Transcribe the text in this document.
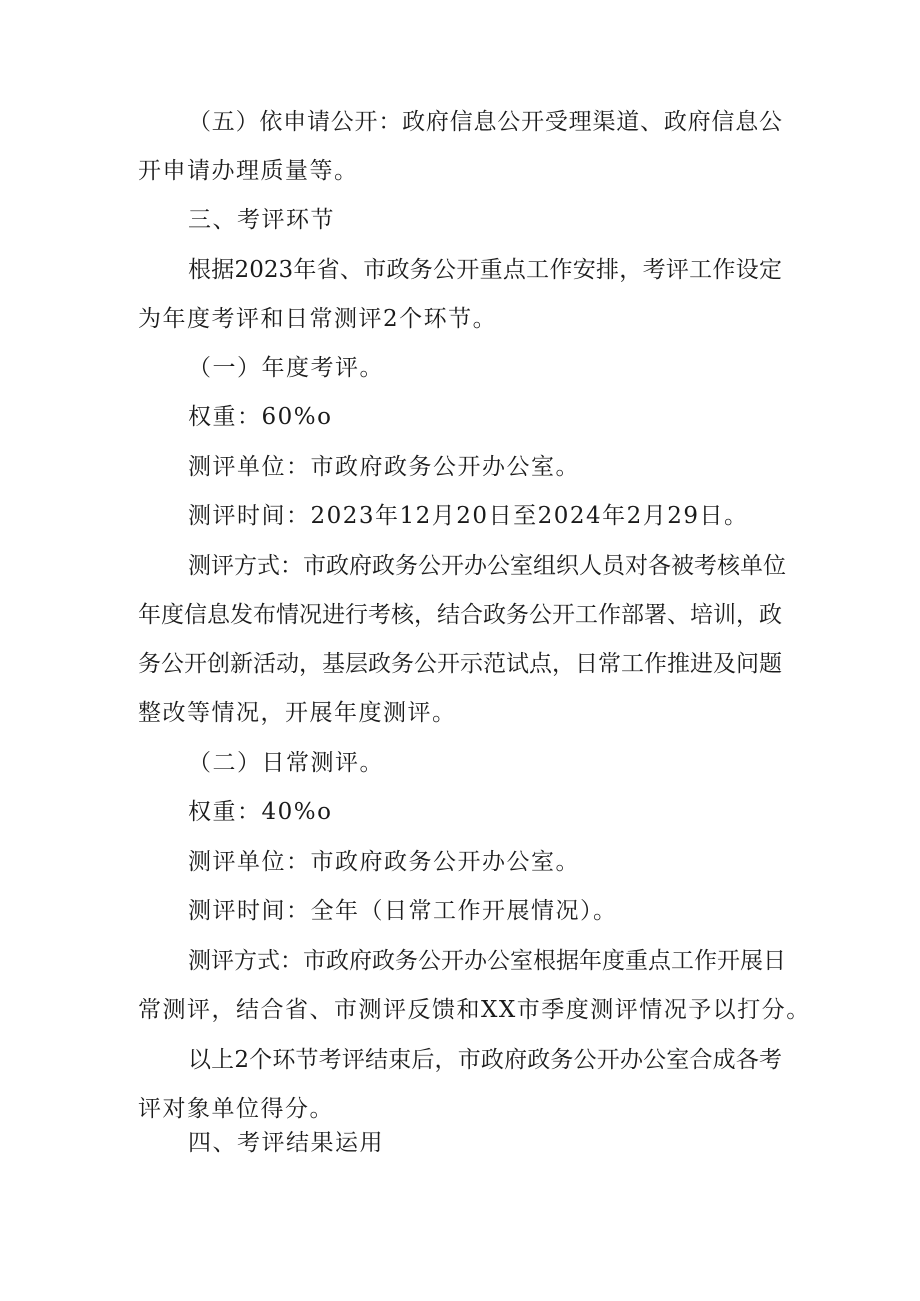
（五）依申请公开：政府信息公开受理渠道、政府信息公
开申请办理质量等。
三、考评环节
根据2023年省、市政务公开重点工作安排，考评工作设定
为年度考评和日常测评2个环节。
（一）年度考评。
权重：60%o
测评单位：市政府政务公开办公室。
测评时间：2023年12月20日至2024年2月29日。
测评方式：市政府政务公开办公室组织人员对各被考核单位
年度信息发布情况进行考核，结合政务公开工作部署、培训，政
务公开创新活动，基层政务公开示范试点，日常工作推进及问题
整改等情况，开展年度测评。
（二）日常测评。
权重：40%o
测评单位：市政府政务公开办公室。
测评时间：全年（日常工作开展情况）。
测评方式：市政府政务公开办公室根据年度重点工作开展日
常测评，结合省、市测评反馈和XX市季度测评情况予以打分。
以上2个环节考评结束后，市政府政务公开办公室合成各考
评对象单位得分。
四、考评结果运用
